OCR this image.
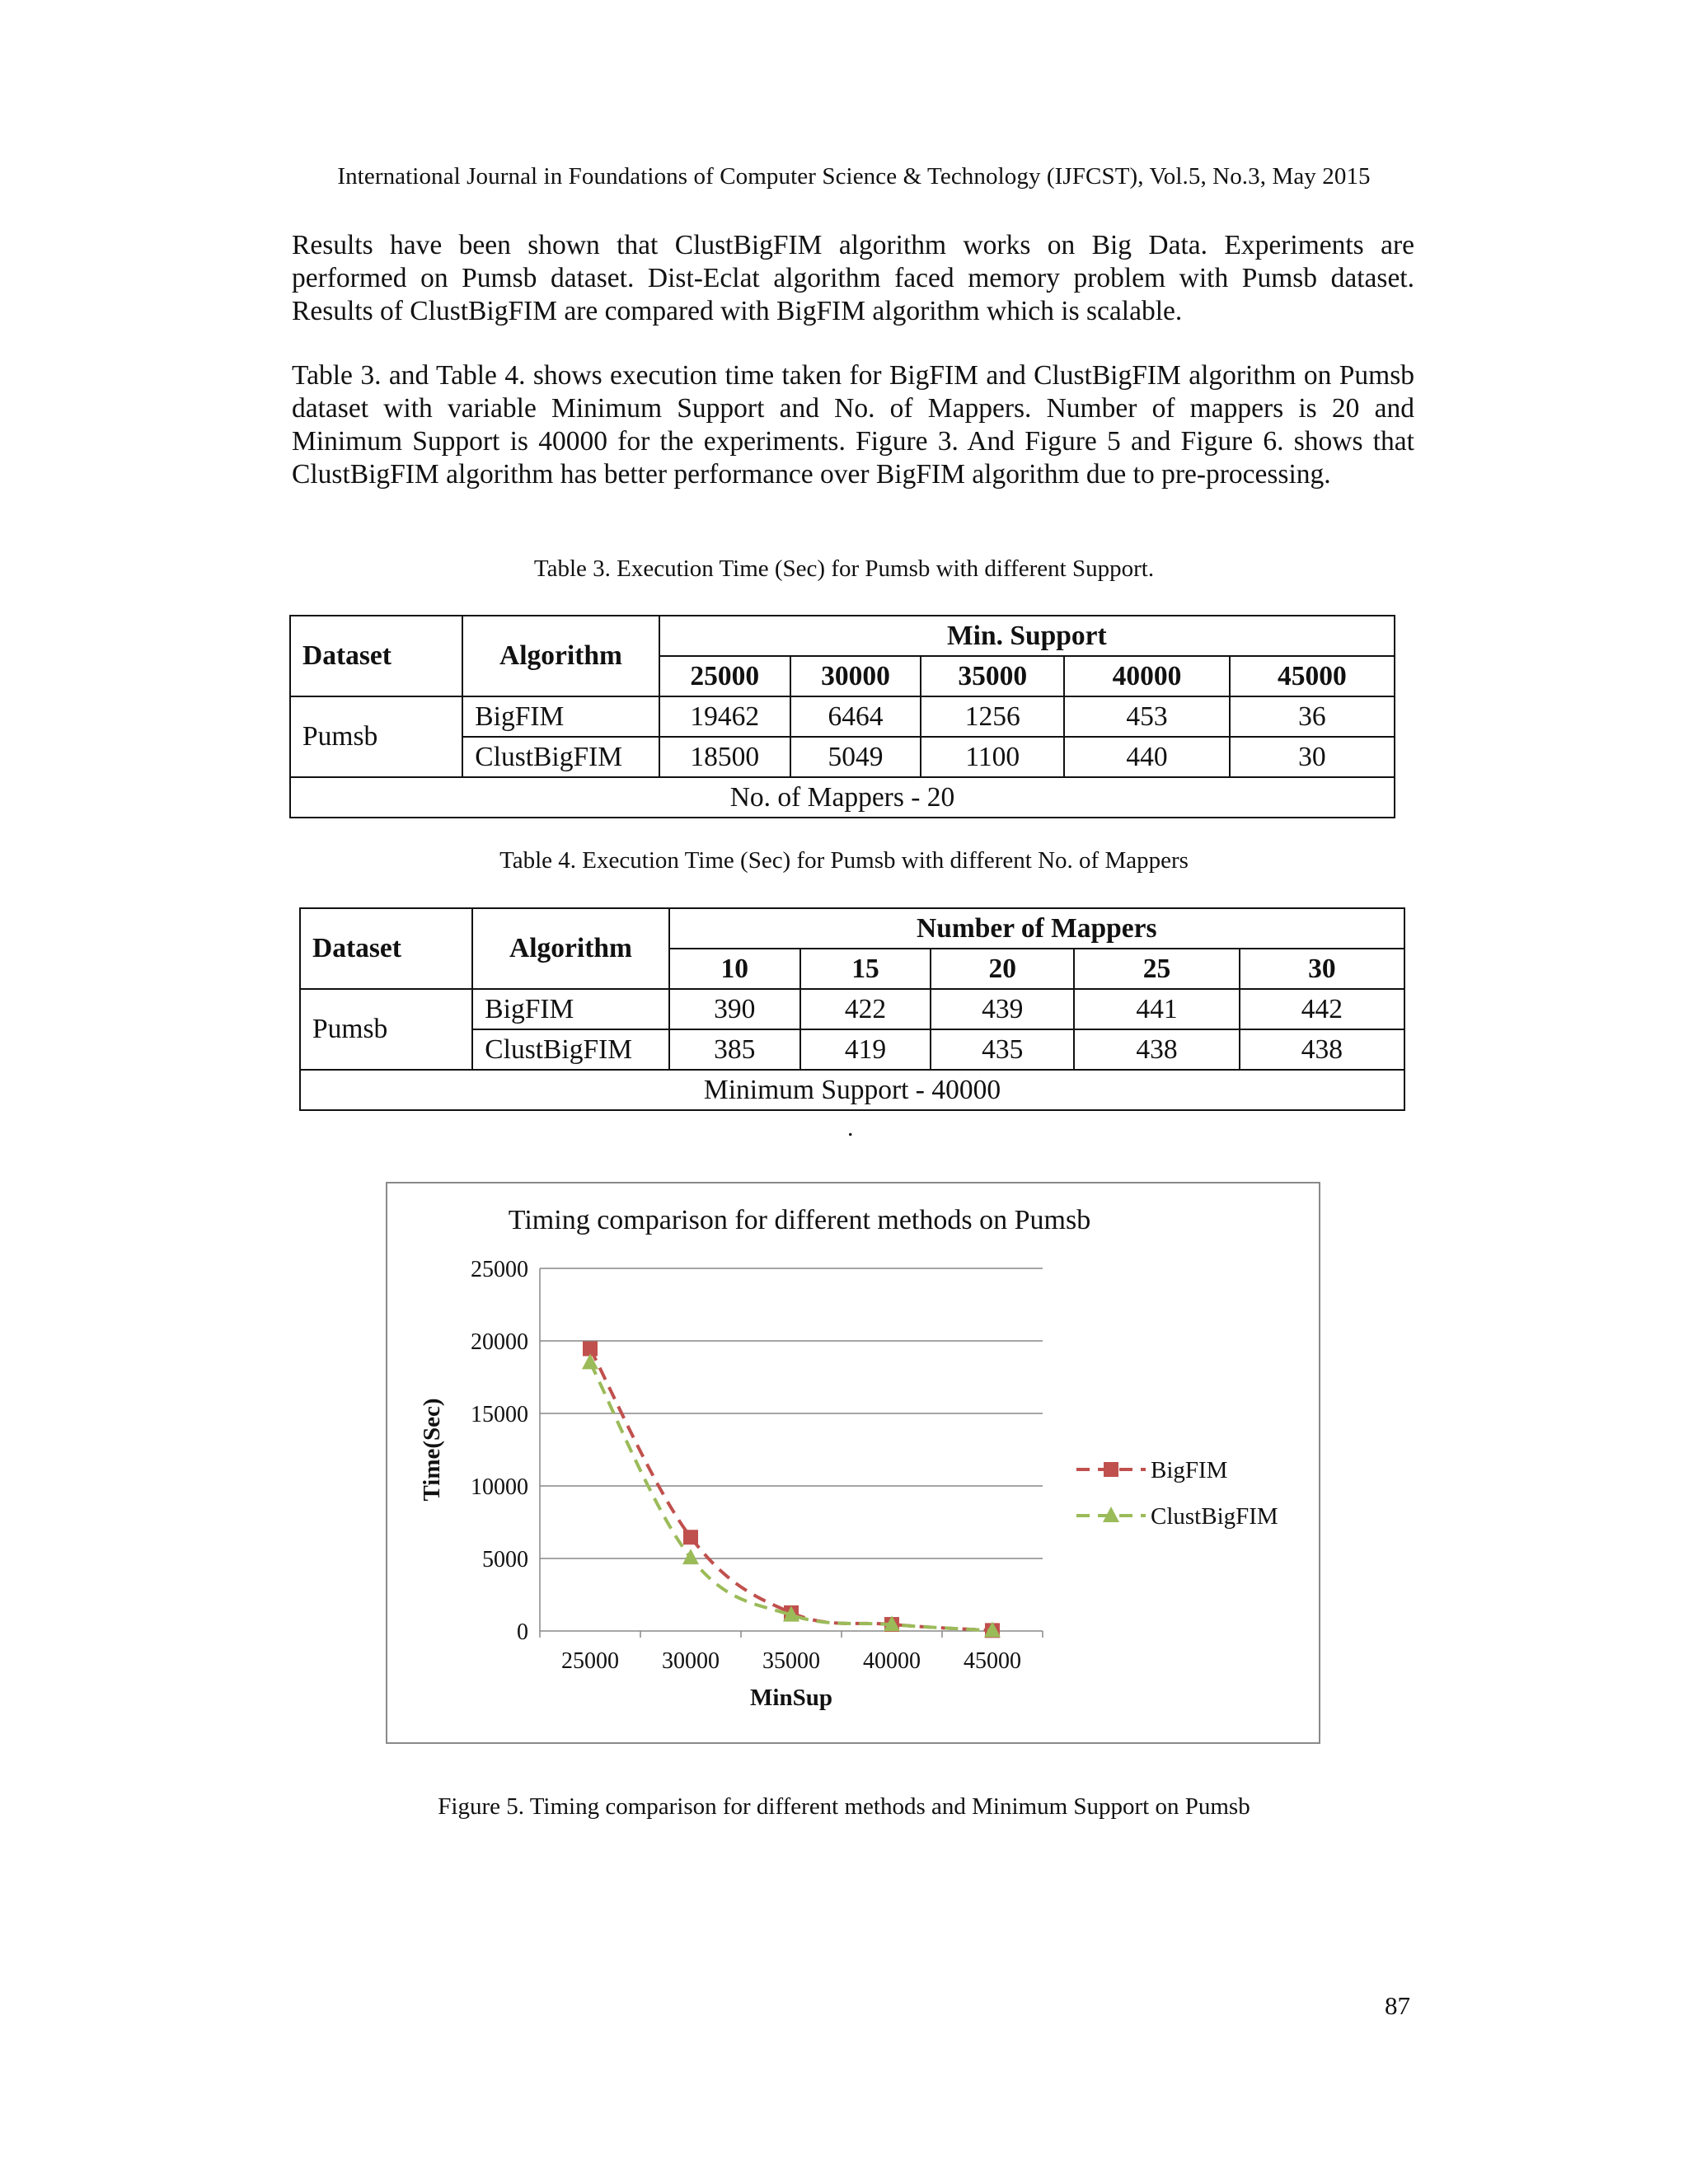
International Journal in Foundations of Computer Science & Technology (IJFCST), Vol.5, No.3, May 2015

Results have been shown that ClustBigFIM algorithm works on Big Data. Experiments are performed on Pumsb dataset. Dist-Eclat algorithm faced memory problem with Pumsb dataset. Results of ClustBigFIM are compared with BigFIM algorithm which is scalable.

Table 3. and Table 4. shows execution time taken for BigFIM and ClustBigFIM algorithm on Pumsb dataset with variable Minimum Support and No. of Mappers. Number of mappers is 20 and Minimum Support is 40000 for the experiments. Figure 3. And Figure 5 and Figure 6. shows that ClustBigFIM algorithm has better performance over BigFIM algorithm due to pre-processing.

Table 3. Execution Time (Sec) for Pumsb with different Support.
Dataset	Algorithm	Min. Support				
		25000	30000	35000	40000	45000
Pumsb	BigFIM	19462	6464	1256	453	36
	ClustBigFIM	18500	5049	1100	440	30
No. of Mappers - 20						
Table 4. Execution Time (Sec) for Pumsb with different No. of Mappers
Dataset	Algorithm	Number of Mappers				
		10	15	20	25	30
Pumsb	BigFIM	390	422	439	441	442
	ClustBigFIM	385	419	435	438	438
Minimum Support - 40000						
.
Timing comparison for different methods on Pumsb
0
5000
10000
15000
20000
25000
25000 30000 35000 40000 45000
MinSup
Time(Sec)	BigFIM
ClustBigFIM
Figure 5. Timing comparison for different methods and Minimum Support on Pumsb
87
